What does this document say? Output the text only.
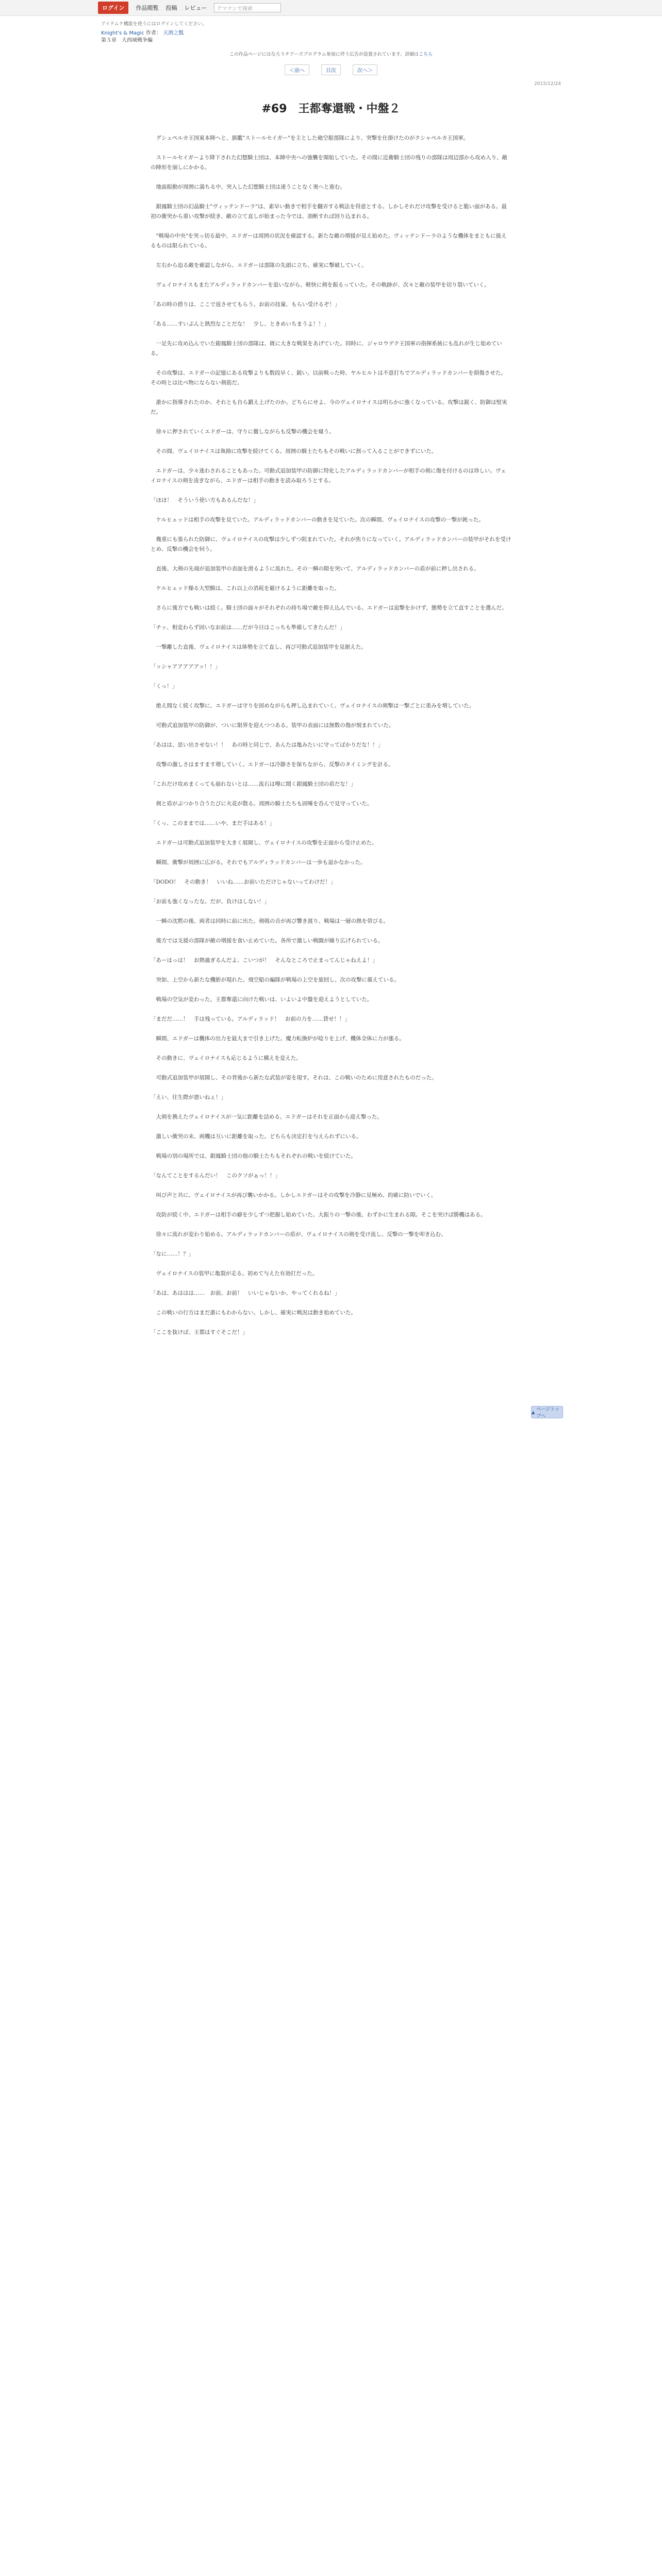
ログイン	作品閲覧 投稿 レビュー	アマナンで探索
アイテムケ機能を使うにはログインしてください。
Knight's & Magic 作者： 天酒之瓢
第５章　大西域戦争編
この作品ページにはなろうチアーズプログラム参加に伴う広告が設置されています。詳細はこちら
＜前へ	目次	次へ＞
2015/12/24
#69　王都奪還戦・中盤２

グシュペルカ王国東本陣へと、旗艦"ストールセイガー"を主とした砲空船部隊により、突撃を仕掛けたのがクシャペルカ王国軍。

ストールセイガーより降下された幻想騎士団は、本陣中央への強襲を開始していた。その間に近衛騎士団の残りの部隊は周辺部から攻め入り、敵の陣形を崩しにかかる。

地面振動が周囲に満ちる中、突入した幻想騎士団は迷うことなく奥へと進む。

銀鳳騎士団の幻晶騎士"ヴィッテンドーラ"は、素早い動きで相手を翻弄する戦法を得意とする。しかしそれだけ攻撃を受けると脆い面がある。最初の衝突から重い攻撃が続き、敵の立て直しが始まった今では、油断すれば回り込まれる。

"戦場の中央"を突っ切る最中、エドガーは周囲の状況を確認する。新たな敵の増援が見え始めた。ヴィッテンドーラのような機体をまともに扱えるものは限られている。

左右から迫る敵を確認しながら、エドガーは部隊の先頭に立ち、確実に撃破していく。

ヴェイロナイスもまたアルディラッドカンバーを追いながら、軽快に剣を振るっていた。その軌跡が、次々と敵の装甲を切り裂いていく。

「あの時の借りは、ここで返させてもらう。お前の技量、もらい受けるぞ！」

「ある……すいぶんと熱烈なことだな！　少し、ときめいちまうよ！！」

一足先に攻め込んでいた銀鳳騎士団の部隊は、既に大きな戦果をあげていた。同時に、ジャロウデク王国軍の指揮系統にも乱れが生じ始めている。

その攻撃は、エドガーの記憶にある攻撃よりも数段早く、鋭い。以前戦った時、ヤルヒルトは不意打ちでアルディラッドカンバーを損傷させた。その時とは比べ物にならない剣筋だ。

誰かに指導されたのか、それとも自ら鍛え上げたのか。どちらにせよ、今のヴェイロナイスは明らかに強くなっている。攻撃は鋭く、防御は堅実だ。

徐々に押されていくエドガーは、守りに徹しながらも反撃の機会を窺う。

その間、ヴェイロナイスは執拗に攻撃を続けてくる。周囲の騎士たちもその戦いに割って入ることができずにいた。

エドガーは、少々迷わされることもあった。可動式追加装甲の防御に特化したアルディラッドカンバーが相手の剣に傷を付けるのは珍しい。ヴェイロナイスの剣を凌ぎながら、エドガーは相手の動きを読み取ろうとする。

「ほほ！　そういう使い方もあるんだな！」

ケルヒェッドは相手の攻撃を見ていた。アルディラッドカンバーの動きを見ていた。次の瞬間、ヴェイロナイスの攻撃の一撃が鈍った。

幾重にも張られた防御に、ヴェイロナイスの攻撃は少しずつ阻まれていた。それが焦りになっていく。アルディラッドカンバーの装甲がそれを受けとめ、反撃の機会を伺う。

直後、大剣の先端が追加装甲の表面を滑るように流れた。その一瞬の隙を突いて、アルディラッドカンバーの盾が前に押し出される。

ケルヒェッド操る大型騎は、これ以上の消耗を避けるように距離を取った。

さらに後方でも戦いは続く。騎士団の面々がそれぞれの持ち場で敵を抑え込んでいる。エドガーは追撃をかけず、態勢を立て直すことを選んだ。

「チッ、相変わらず固いなお前は……だが今日はこっちも準備してきたんだ！」

一撃離した直後、ヴェイロナイスは体勢を立て直し、再び可動式追加装甲を見据えた。

「ッシャアアアアアッ！！」

「くっ！」

絶え間なく続く攻撃に、エドガーは守りを固めながらも押し込まれていく。ヴェイロナイスの剣撃は一撃ごとに重みを増していた。

可動式追加装甲の防御が、ついに限界を迎えつつある。装甲の表面には無数の傷が刻まれていた。

「あはは、思い出させない！！　あの時と同じで、あんたは亀みたいに守ってばかりだな！！」

攻撃の激しさはますます増していく。エドガーは冷静さを保ちながら、反撃のタイミングを計る。

「これだけ攻めまくっても崩れないとは……流石は噂に聞く銀鳳騎士団の盾だな！」

剣と盾がぶつかり合うたびに火花が散る。周囲の騎士たちも固唾を呑んで見守っていた。

「くっ、このままでは……いや、まだ手はある！」

エドガーは可動式追加装甲を大きく展開し、ヴェイロナイスの攻撃を正面から受け止めた。

瞬間、衝撃が周囲に広がる。それでもアルディラッドカンバーは一歩も退かなかった。

「DODO！　その動き！　いいね……お前いただけじゃないってわけだ！」

「お前も強くなったな。だが、負けはしない！」

一瞬の沈黙の後、両者は同時に前に出た。剣戟の音が再び響き渡り、戦場は一層の熱を帯びる。

後方では支援の部隊が敵の増援を食い止めていた。各所で激しい戦闘が繰り広げられている。

「あーはっは！　お熱過ぎるんだよ、こいつが！　そんなところで止まってんじゃねえよ！」

突如、上空から新たな機影が現れた。飛空船の編隊が戦場の上空を旋回し、次の攻撃に備えている。

戦場の空気が変わった。王都奪還に向けた戦いは、いよいよ中盤を迎えようとしていた。

「まだだ……！　手は残っている。アルディラッド！　お前の力を……貸せ！！」

瞬間、エドガーは機体の出力を最大まで引き上げた。魔力転換炉が唸りを上げ、機体全体に力が漲る。

その動きに、ヴェイロナイスも応じるように構えを変えた。

可動式追加装甲が展開し、その背後から新たな武装が姿を現す。それは、この戦いのために用意されたものだった。

「えい、往生際が悪いねぇ！」

大剣を携えたヴェイロナイスが一気に距離を詰める。エドガーはそれを正面から迎え撃った。

激しい衝突の末、両機は互いに距離を取った。どちらも決定打を与えられずにいる。

戦場の別の場所では、銀鳳騎士団の他の騎士たちもそれぞれの戦いを続けていた。

「なんてことをするんだい！　このクソがぁっ！！」

叫び声と共に、ヴェイロナイスが再び襲いかかる。しかしエドガーはその攻撃を冷静に見極め、的確に防いでいく。

攻防が続く中、エドガーは相手の癖を少しずつ把握し始めていた。大振りの一撃の後、わずかに生まれる隙。そこを突けば勝機はある。

徐々に流れが変わり始める。アルディラッドカンバーの盾が、ヴェイロナイスの剣を受け流し、反撃の一撃を叩き込む。

「なに……！？」

ヴェイロナイスの装甲に亀裂が走る。初めて与えた有効打だった。

「あは、あははは……　お前、お前！　いいじゃないか、やってくれるね！」

この戦いの行方はまだ誰にもわからない。しかし、確実に戦況は動き始めていた。

「ここを抜けば、王都はすぐそこだ！」

▲ ページトップへ
